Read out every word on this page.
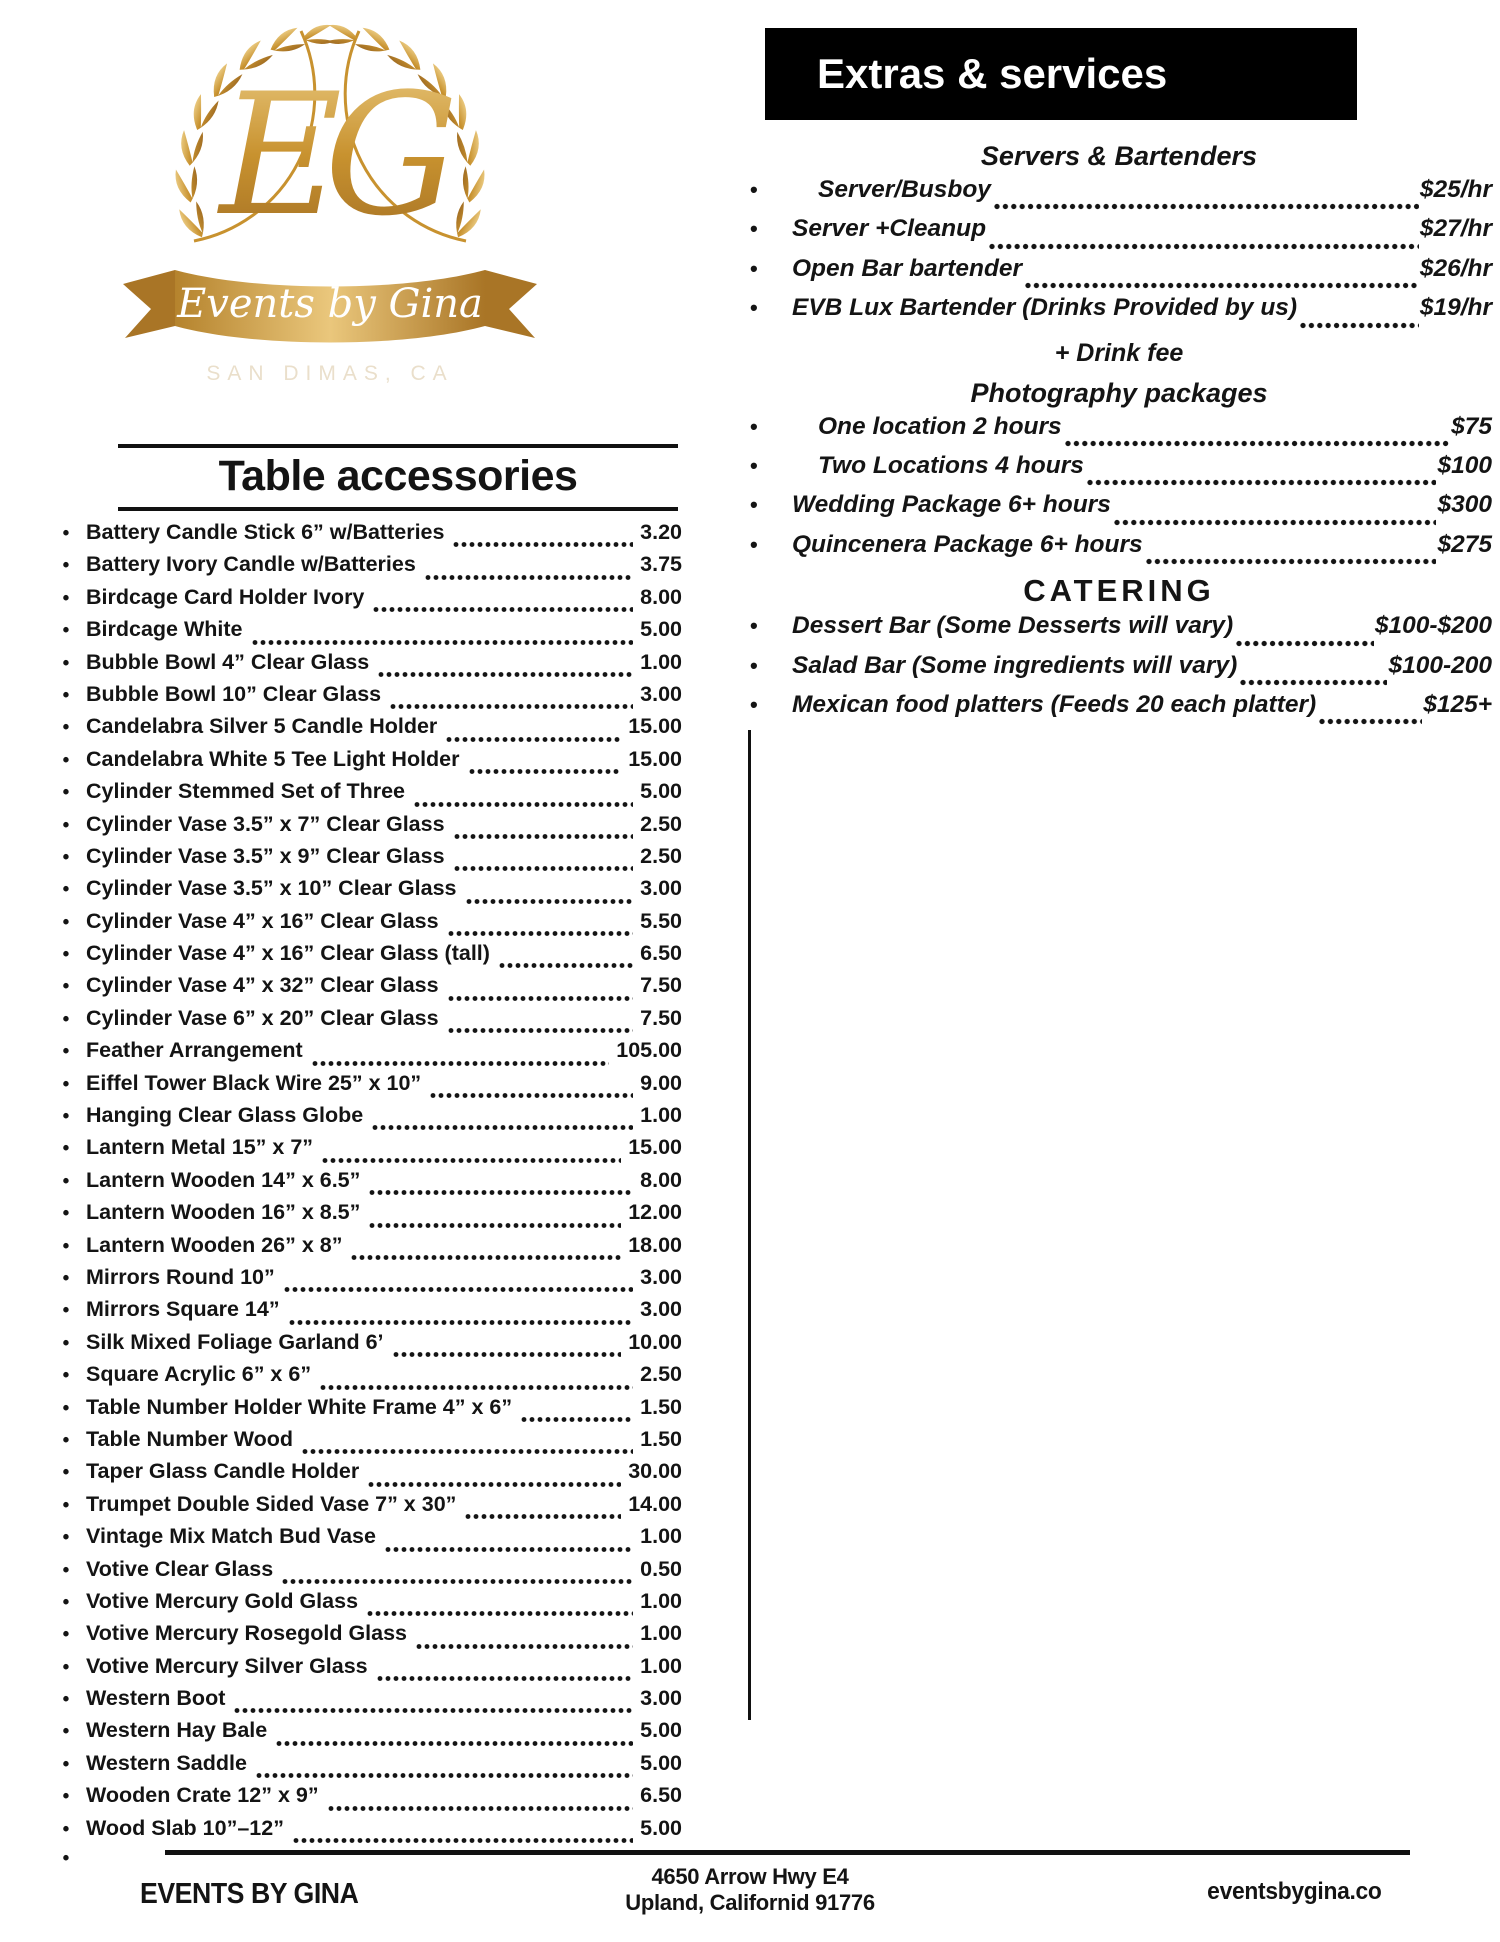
EG
Events by Gina
SAN DIMAS, CA
Table accessories
• Battery Candle Stick 6” w/Batteries	3.20
• Battery Ivory Candle w/Batteries	3.75
• Birdcage Card Holder Ivory	8.00
• Birdcage White	5.00
• Bubble Bowl 4” Clear Glass	1.00
• Bubble Bowl 10” Clear Glass	3.00
• Candelabra Silver 5 Candle Holder	15.00
• Candelabra White 5 Tee Light Holder	15.00
• Cylinder Stemmed Set of Three	5.00
• Cylinder Vase 3.5” x 7” Clear Glass	2.50
• Cylinder Vase 3.5” x 9” Clear Glass	2.50
• Cylinder Vase 3.5” x 10” Clear Glass	3.00
• Cylinder Vase 4” x 16” Clear Glass	5.50
• Cylinder Vase 4” x 16” Clear Glass (tall)	6.50
• Cylinder Vase 4” x 32” Clear Glass	7.50
• Cylinder Vase 6” x 20” Clear Glass	7.50
• Feather Arrangement	105.00
• Eiffel Tower Black Wire 25” x 10”	9.00
• Hanging Clear Glass Globe	1.00
• Lantern Metal 15” x 7”	15.00
• Lantern Wooden 14” x 6.5”	8.00
• Lantern Wooden 16” x 8.5”	12.00
• Lantern Wooden 26” x 8”	18.00
• Mirrors Round 10”	3.00
• Mirrors Square 14”	3.00
• Silk Mixed Foliage Garland 6’	10.00
• Square Acrylic 6” x 6”	2.50
• Table Number Holder White Frame 4” x 6”	1.50
• Table Number Wood	1.50
• Taper Glass Candle Holder	30.00
• Trumpet Double Sided Vase 7” x 30”	14.00
• Vintage Mix Match Bud Vase	1.00
• Votive Clear Glass	0.50
• Votive Mercury Gold Glass	1.00
• Votive Mercury Rosegold Glass	1.00
• Votive Mercury Silver Glass	1.00
• Western Boot	3.00
• Western Hay Bale	5.00
• Western Saddle	5.00
• Wooden Crate 12” x 9”	6.50
• Wood Slab 10”–12”	5.00
•
Extras & services
Servers & Bartenders
•	Server/Busboy	$25/hr
•	Server +Cleanup	$27/hr
•	Open Bar bartender	$26/hr
•	EVB Lux Bartender (Drinks Provided by us)	$19/hr
+ Drink fee
Photography packages
•	One location 2 hours	$75
•	Two Locations 4 hours	$100
•	Wedding Package 6+ hours	$300
•	Quincenera Package 6+ hours	$275
CATERING
•	Dessert Bar (Some Desserts will vary)	$100-$200
•	Salad Bar (Some ingredients will vary)	$100-200
•	Mexican food platters (Feeds 20 each platter)	$125+
4650 Arrow Hwy E4
Upland, Californid 91776
EVENTS BY GINA	eventsbygina.co
